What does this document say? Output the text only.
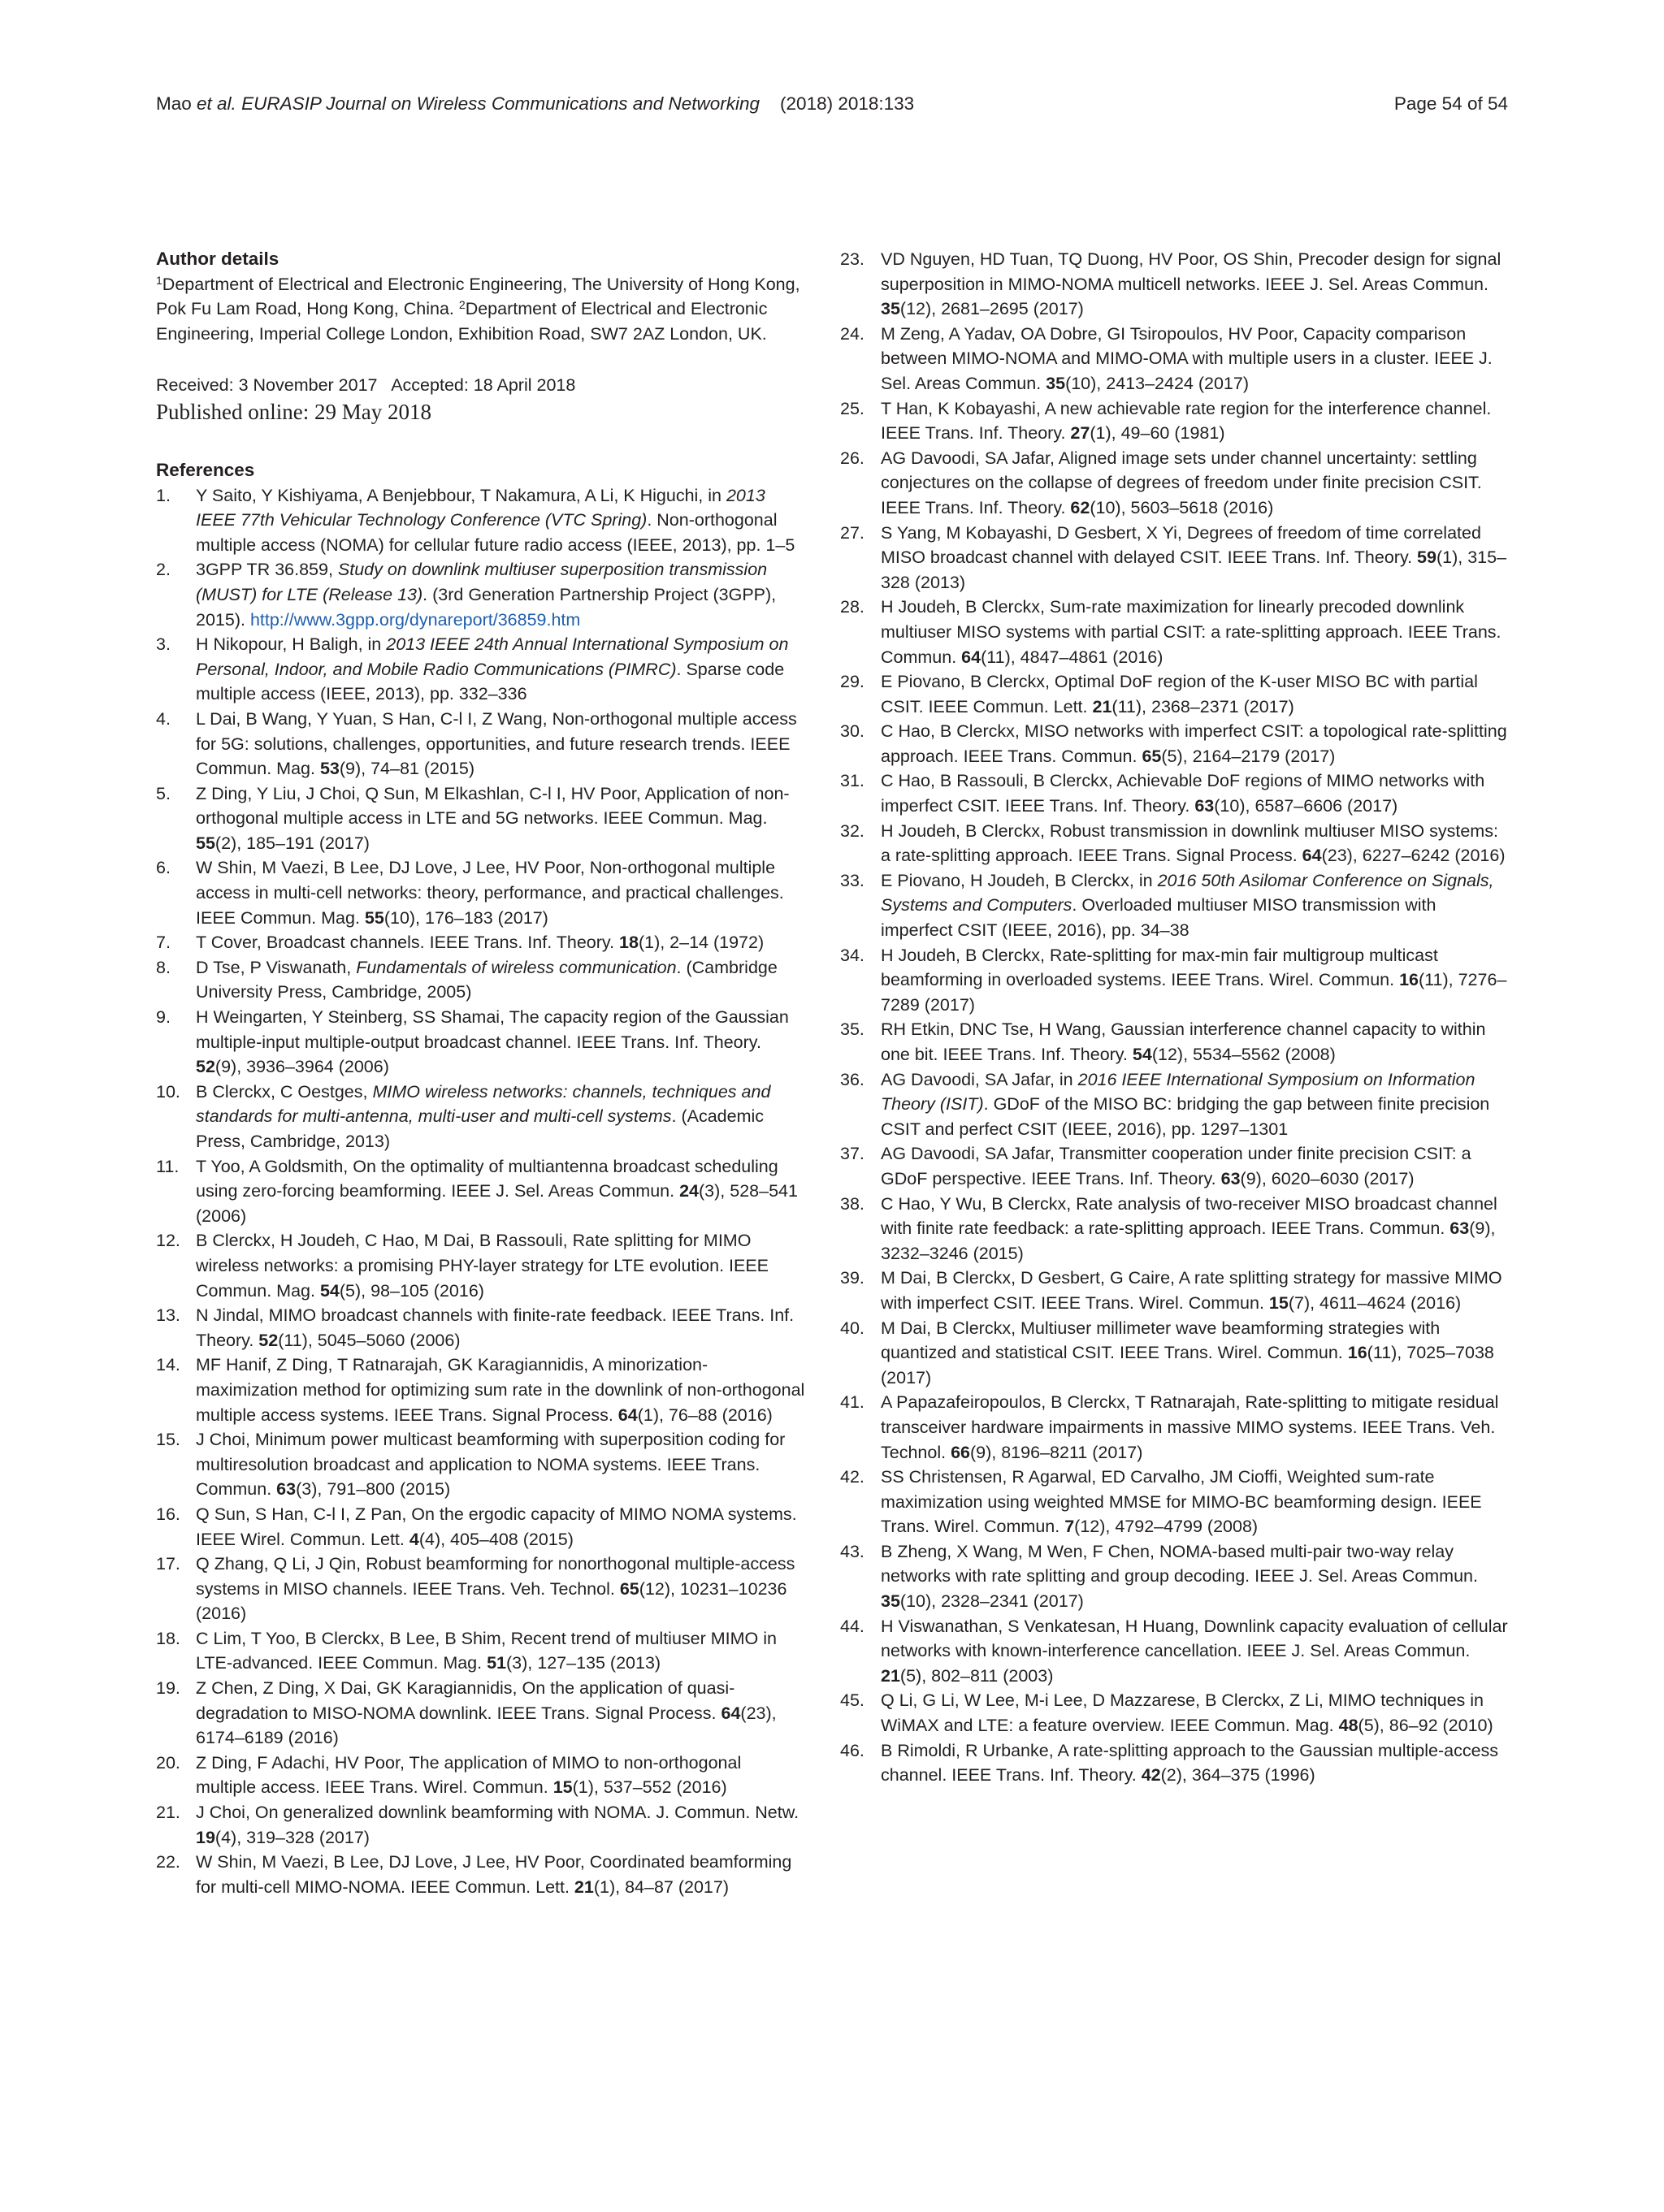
Mao et al. EURASIP Journal on Wireless Communications and Networking    (2018) 2018:133	Page 54 of 54
Author details

$^1$Department of Electrical and Electronic Engineering, The University of Hong Kong, Pok Fu Lam Road, Hong Kong, China. $^2$Department of Electrical and Electronic Engineering, Imperial College London, Exhibition Road, SW7 2AZ London, UK.

Received: 3 November 2017   Accepted: 18 April 2018
Published online: 29 May 2018
References
1. Y Saito, Y Kishiyama, A Benjebbour, T Nakamura, A Li, K Higuchi, in 2013 IEEE 77th Vehicular Technology Conference (VTC Spring). Non-orthogonal multiple access (NOMA) for cellular future radio access (IEEE, 2013), pp. 1–5
2. 3GPP TR 36.859, Study on downlink multiuser superposition transmission (MUST) for LTE (Release 13). (3rd Generation Partnership Project (3GPP), 2015). http://www.3gpp.org/dynareport/36859.htm
3. H Nikopour, H Baligh, in 2013 IEEE 24th Annual International Symposium on Personal, Indoor, and Mobile Radio Communications (PIMRC). Sparse code multiple access (IEEE, 2013), pp. 332–336
4. L Dai, B Wang, Y Yuan, S Han, C-l I, Z Wang, Non-orthogonal multiple access for 5G: solutions, challenges, opportunities, and future research trends. IEEE Commun. Mag. 53(9), 74–81 (2015)
5. Z Ding, Y Liu, J Choi, Q Sun, M Elkashlan, C-l I, HV Poor, Application of non-orthogonal multiple access in LTE and 5G networks. IEEE Commun. Mag. 55(2), 185–191 (2017)
6. W Shin, M Vaezi, B Lee, DJ Love, J Lee, HV Poor, Non-orthogonal multiple access in multi-cell networks: theory, performance, and practical challenges. IEEE Commun. Mag. 55(10), 176–183 (2017)
7. T Cover, Broadcast channels. IEEE Trans. Inf. Theory. 18(1), 2–14 (1972)
8. D Tse, P Viswanath, Fundamentals of wireless communication. (Cambridge University Press, Cambridge, 2005)
9. H Weingarten, Y Steinberg, SS Shamai, The capacity region of the Gaussian multiple-input multiple-output broadcast channel. IEEE Trans. Inf. Theory. 52(9), 3936–3964 (2006)
10. B Clerckx, C Oestges, MIMO wireless networks: channels, techniques and standards for multi-antenna, multi-user and multi-cell systems. (Academic Press, Cambridge, 2013)
11. T Yoo, A Goldsmith, On the optimality of multiantenna broadcast scheduling using zero-forcing beamforming. IEEE J. Sel. Areas Commun. 24(3), 528–541 (2006)
12. B Clerckx, H Joudeh, C Hao, M Dai, B Rassouli, Rate splitting for MIMO wireless networks: a promising PHY-layer strategy for LTE evolution. IEEE Commun. Mag. 54(5), 98–105 (2016)
13. N Jindal, MIMO broadcast channels with finite-rate feedback. IEEE Trans. Inf. Theory. 52(11), 5045–5060 (2006)
14. MF Hanif, Z Ding, T Ratnarajah, GK Karagiannidis, A minorization-maximization method for optimizing sum rate in the downlink of non-orthogonal multiple access systems. IEEE Trans. Signal Process. 64(1), 76–88 (2016)
15. J Choi, Minimum power multicast beamforming with superposition coding for multiresolution broadcast and application to NOMA systems. IEEE Trans. Commun. 63(3), 791–800 (2015)
16. Q Sun, S Han, C-l I, Z Pan, On the ergodic capacity of MIMO NOMA systems. IEEE Wirel. Commun. Lett. 4(4), 405–408 (2015)
17. Q Zhang, Q Li, J Qin, Robust beamforming for nonorthogonal multiple-access systems in MISO channels. IEEE Trans. Veh. Technol. 65(12), 10231–10236 (2016)
18. C Lim, T Yoo, B Clerckx, B Lee, B Shim, Recent trend of multiuser MIMO in LTE-advanced. IEEE Commun. Mag. 51(3), 127–135 (2013)
19. Z Chen, Z Ding, X Dai, GK Karagiannidis, On the application of quasi-degradation to MISO-NOMA downlink. IEEE Trans. Signal Process. 64(23), 6174–6189 (2016)
20. Z Ding, F Adachi, HV Poor, The application of MIMO to non-orthogonal multiple access. IEEE Trans. Wirel. Commun. 15(1), 537–552 (2016)
21. J Choi, On generalized downlink beamforming with NOMA. J. Commun. Netw. 19(4), 319–328 (2017)
22. W Shin, M Vaezi, B Lee, DJ Love, J Lee, HV Poor, Coordinated beamforming for multi-cell MIMO-NOMA. IEEE Commun. Lett. 21(1), 84–87 (2017)
23. VD Nguyen, HD Tuan, TQ Duong, HV Poor, OS Shin, Precoder design for signal superposition in MIMO-NOMA multicell networks. IEEE J. Sel. Areas Commun. 35(12), 2681–2695 (2017)
24. M Zeng, A Yadav, OA Dobre, GI Tsiropoulos, HV Poor, Capacity comparison between MIMO-NOMA and MIMO-OMA with multiple users in a cluster. IEEE J. Sel. Areas Commun. 35(10), 2413–2424 (2017)
25. T Han, K Kobayashi, A new achievable rate region for the interference channel. IEEE Trans. Inf. Theory. 27(1), 49–60 (1981)
26. AG Davoodi, SA Jafar, Aligned image sets under channel uncertainty: settling conjectures on the collapse of degrees of freedom under finite precision CSIT. IEEE Trans. Inf. Theory. 62(10), 5603–5618 (2016)
27. S Yang, M Kobayashi, D Gesbert, X Yi, Degrees of freedom of time correlated MISO broadcast channel with delayed CSIT. IEEE Trans. Inf. Theory. 59(1), 315–328 (2013)
28. H Joudeh, B Clerckx, Sum-rate maximization for linearly precoded downlink multiuser MISO systems with partial CSIT: a rate-splitting approach. IEEE Trans. Commun. 64(11), 4847–4861 (2016)
29. E Piovano, B Clerckx, Optimal DoF region of the K-user MISO BC with partial CSIT. IEEE Commun. Lett. 21(11), 2368–2371 (2017)
30. C Hao, B Clerckx, MISO networks with imperfect CSIT: a topological rate-splitting approach. IEEE Trans. Commun. 65(5), 2164–2179 (2017)
31. C Hao, B Rassouli, B Clerckx, Achievable DoF regions of MIMO networks with imperfect CSIT. IEEE Trans. Inf. Theory. 63(10), 6587–6606 (2017)
32. H Joudeh, B Clerckx, Robust transmission in downlink multiuser MISO systems: a rate-splitting approach. IEEE Trans. Signal Process. 64(23), 6227–6242 (2016)
33. E Piovano, H Joudeh, B Clerckx, in 2016 50th Asilomar Conference on Signals, Systems and Computers. Overloaded multiuser MISO transmission with imperfect CSIT (IEEE, 2016), pp. 34–38
34. H Joudeh, B Clerckx, Rate-splitting for max-min fair multigroup multicast beamforming in overloaded systems. IEEE Trans. Wirel. Commun. 16(11), 7276–7289 (2017)
35. RH Etkin, DNC Tse, H Wang, Gaussian interference channel capacity to within one bit. IEEE Trans. Inf. Theory. 54(12), 5534–5562 (2008)
36. AG Davoodi, SA Jafar, in 2016 IEEE International Symposium on Information Theory (ISIT). GDoF of the MISO BC: bridging the gap between finite precision CSIT and perfect CSIT (IEEE, 2016), pp. 1297–1301
37. AG Davoodi, SA Jafar, Transmitter cooperation under finite precision CSIT: a GDoF perspective. IEEE Trans. Inf. Theory. 63(9), 6020–6030 (2017)
38. C Hao, Y Wu, B Clerckx, Rate analysis of two-receiver MISO broadcast channel with finite rate feedback: a rate-splitting approach. IEEE Trans. Commun. 63(9), 3232–3246 (2015)
39. M Dai, B Clerckx, D Gesbert, G Caire, A rate splitting strategy for massive MIMO with imperfect CSIT. IEEE Trans. Wirel. Commun. 15(7), 4611–4624 (2016)
40. M Dai, B Clerckx, Multiuser millimeter wave beamforming strategies with quantized and statistical CSIT. IEEE Trans. Wirel. Commun. 16(11), 7025–7038 (2017)
41. A Papazafeiropoulos, B Clerckx, T Ratnarajah, Rate-splitting to mitigate residual transceiver hardware impairments in massive MIMO systems. IEEE Trans. Veh. Technol. 66(9), 8196–8211 (2017)
42. SS Christensen, R Agarwal, ED Carvalho, JM Cioffi, Weighted sum-rate maximization using weighted MMSE for MIMO-BC beamforming design. IEEE Trans. Wirel. Commun. 7(12), 4792–4799 (2008)
43. B Zheng, X Wang, M Wen, F Chen, NOMA-based multi-pair two-way relay networks with rate splitting and group decoding. IEEE J. Sel. Areas Commun. 35(10), 2328–2341 (2017)
44. H Viswanathan, S Venkatesan, H Huang, Downlink capacity evaluation of cellular networks with known-interference cancellation. IEEE J. Sel. Areas Commun. 21(5), 802–811 (2003)
45. Q Li, G Li, W Lee, M-i Lee, D Mazzarese, B Clerckx, Z Li, MIMO techniques in WiMAX and LTE: a feature overview. IEEE Commun. Mag. 48(5), 86–92 (2010)
46. B Rimoldi, R Urbanke, A rate-splitting approach to the Gaussian multiple-access channel. IEEE Trans. Inf. Theory. 42(2), 364–375 (1996)
